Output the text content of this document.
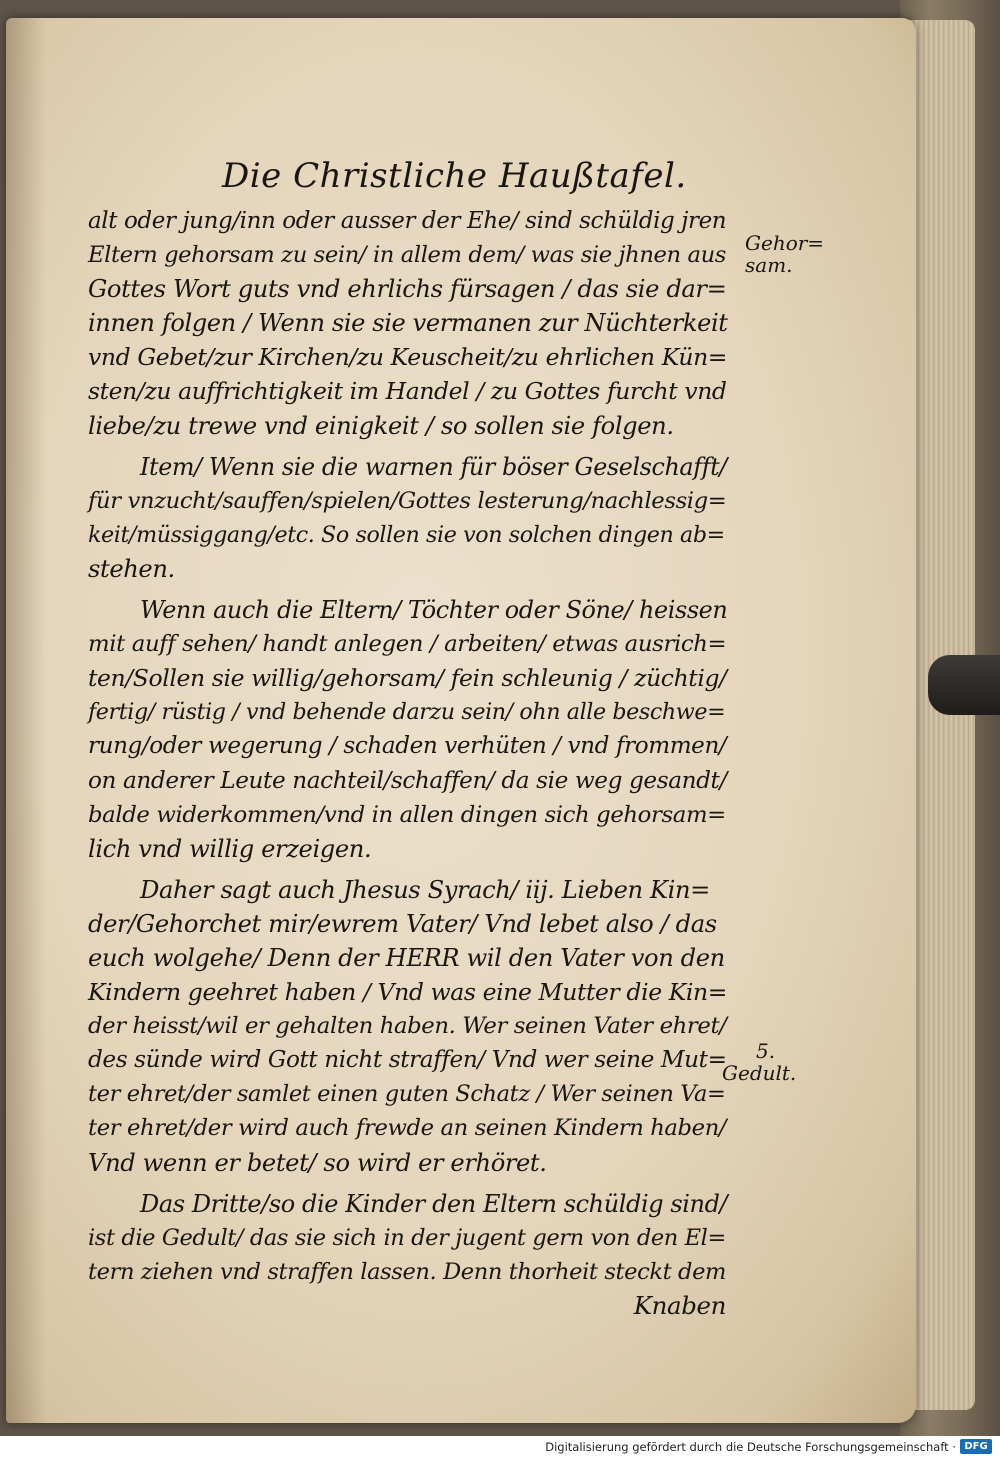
Die Christliche Haußtafel.
Gehor=
sam.
5.
Gedult.
alt oder jung/inn oder ausser der Ehe/ sind schüldig jren
Eltern gehorsam zu sein/ in allem dem/ was sie jhnen aus
Gottes Wort guts vnd ehrlichs fürsagen / das sie dar=
innen folgen / Wenn sie sie vermanen zur Nüchterkeit
vnd Gebet/zur Kirchen/zu Keuscheit/zu ehrlichen Kün=
sten/zu auffrichtigkeit im Handel / zu Gottes furcht vnd
liebe/zu trewe vnd einigkeit / so sollen sie folgen.
Item/ Wenn sie die warnen für böser Geselschafft/
für vnzucht/sauffen/spielen/Gottes lesterung/nachlessig=
keit/müssiggang/etc. So sollen sie von solchen dingen ab=
stehen.
Wenn auch die Eltern/ Töchter oder Söne/ heissen
mit auff sehen/ handt anlegen / arbeiten/ etwas ausrich=
ten/Sollen sie willig/gehorsam/ fein schleunig / züchtig/
fertig/ rüstig / vnd behende darzu sein/ ohn alle beschwe=
rung/oder wegerung / schaden verhüten / vnd frommen/
on anderer Leute nachteil/schaffen/ da sie weg gesandt/
balde widerkommen/vnd in allen dingen sich gehorsam=
lich vnd willig erzeigen.
Daher sagt auch Jhesus Syrach/ iij. Lieben Kin=
der/Gehorchet mir/ewrem Vater/ Vnd lebet also / das
euch wolgehe/ Denn der HERR wil den Vater von den
Kindern geehret haben / Vnd was eine Mutter die Kin=
der heisst/wil er gehalten haben. Wer seinen Vater ehret/
des sünde wird Gott nicht straffen/ Vnd wer seine Mut=
ter ehret/der samlet einen guten Schatz / Wer seinen Va=
ter ehret/der wird auch frewde an seinen Kindern haben/
Vnd wenn er betet/ so wird er erhöret.
Das Dritte/so die Kinder den Eltern schüldig sind/
ist die Gedult/ das sie sich in der jugent gern von den El=
tern ziehen vnd straffen lassen. Denn thorheit steckt dem
Knaben
Digitalisierung gefördert durch die Deutsche Forschungsgemeinschaft · DFG
